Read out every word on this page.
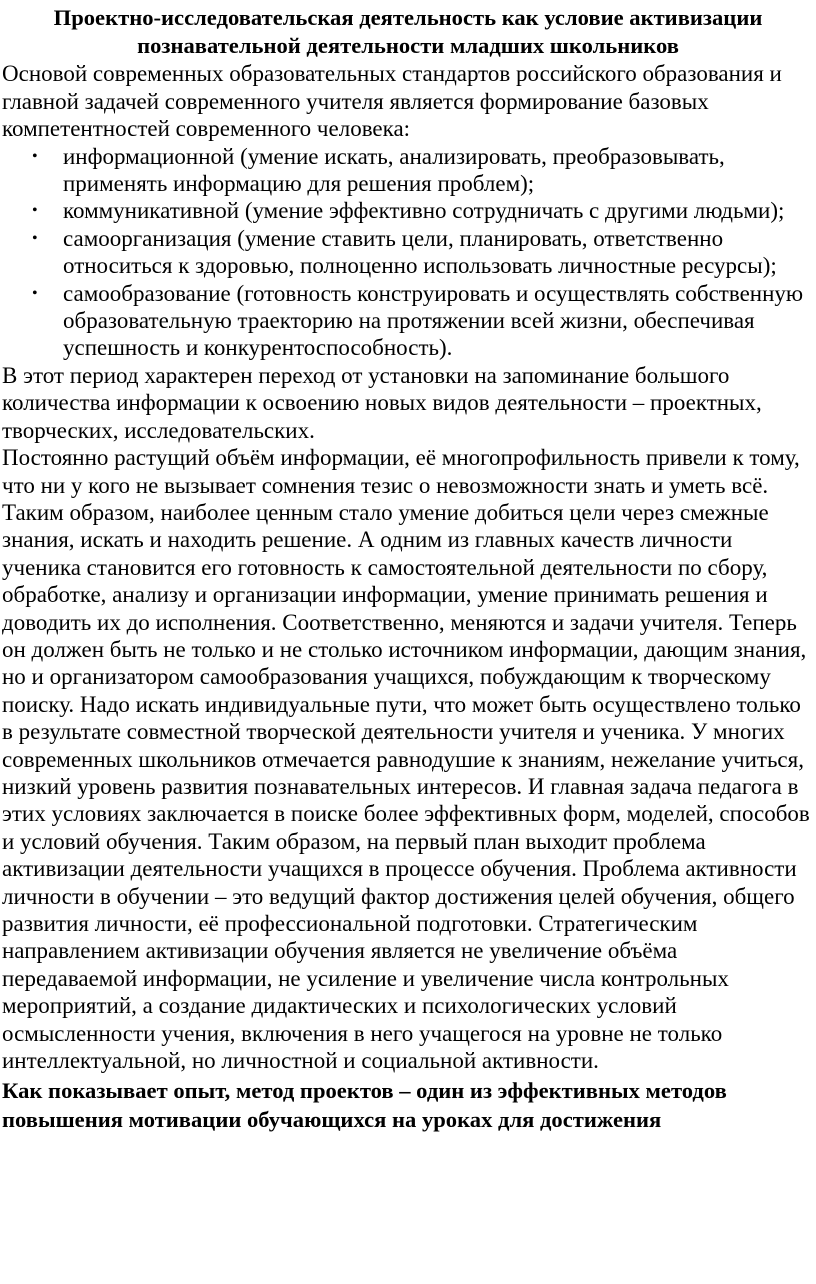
Проектно-исследовательская деятельность как условие активизации
познавательной деятельности младших школьников

Основой современных образовательных стандартов российского образования и главной задачей современного учителя является формирование базовых компетентностей современного человека:

• информационной (умение искать, анализировать, преобразовывать, применять информацию для решения проблем);
• коммуникативной (умение эффективно сотрудничать с другими людьми);
• самоорганизация (умение ставить цели, планировать, ответственно относиться к здоровью, полноценно использовать личностные ресурсы);
• самообразование (готовность конструировать и осуществлять собственную образовательную траекторию на протяжении всей жизни, обеспечивая успешность и конкурентоспособность).

В этот период характерен переход от установки на запоминание большого количества информации к освоению новых видов деятельности – проектных, творческих, исследовательских.

Постоянно растущий объём информации, её многопрофильность привели к тому, что ни у кого не вызывает сомнения тезис о невозможности знать и уметь всё. Таким образом, наиболее ценным стало умение добиться цели через смежные знания, искать и находить решение. А одним из главных качеств личности ученика становится его готовность к самостоятельной деятельности по сбору, обработке, анализу и организации информации, умение принимать решения и доводить их до исполнения. Соответственно, меняются и задачи учителя. Теперь он должен быть не только и не столько источником информации, дающим знания, но и организатором самообразования учащихся, побуждающим к творческому поиску. Надо искать индивидуальные пути, что может быть осуществлено только в результате совместной творческой деятельности учителя и ученика. У многих современных школьников отмечается равнодушие к знаниям, нежелание учиться, низкий уровень развития познавательных интересов. И главная задача педагога в этих условиях заключается в поиске более эффективных форм, моделей, способов и условий обучения. Таким образом, на первый план выходит проблема активизации деятельности учащихся в процессе обучения. Проблема активности личности в обучении – это ведущий фактор достижения целей обучения, общего развития личности, её профессиональной подготовки. Стратегическим направлением активизации обучения является не увеличение объёма передаваемой информации, не усиление и увеличение числа контрольных мероприятий, а создание дидактических и психологических условий осмысленности учения, включения в него учащегося на уровне не только интеллектуальной, но личностной и социальной активности.

Как показывает опыт, метод проектов – один из эффективных методов повышения мотивации обучающихся на уроках для достижения
